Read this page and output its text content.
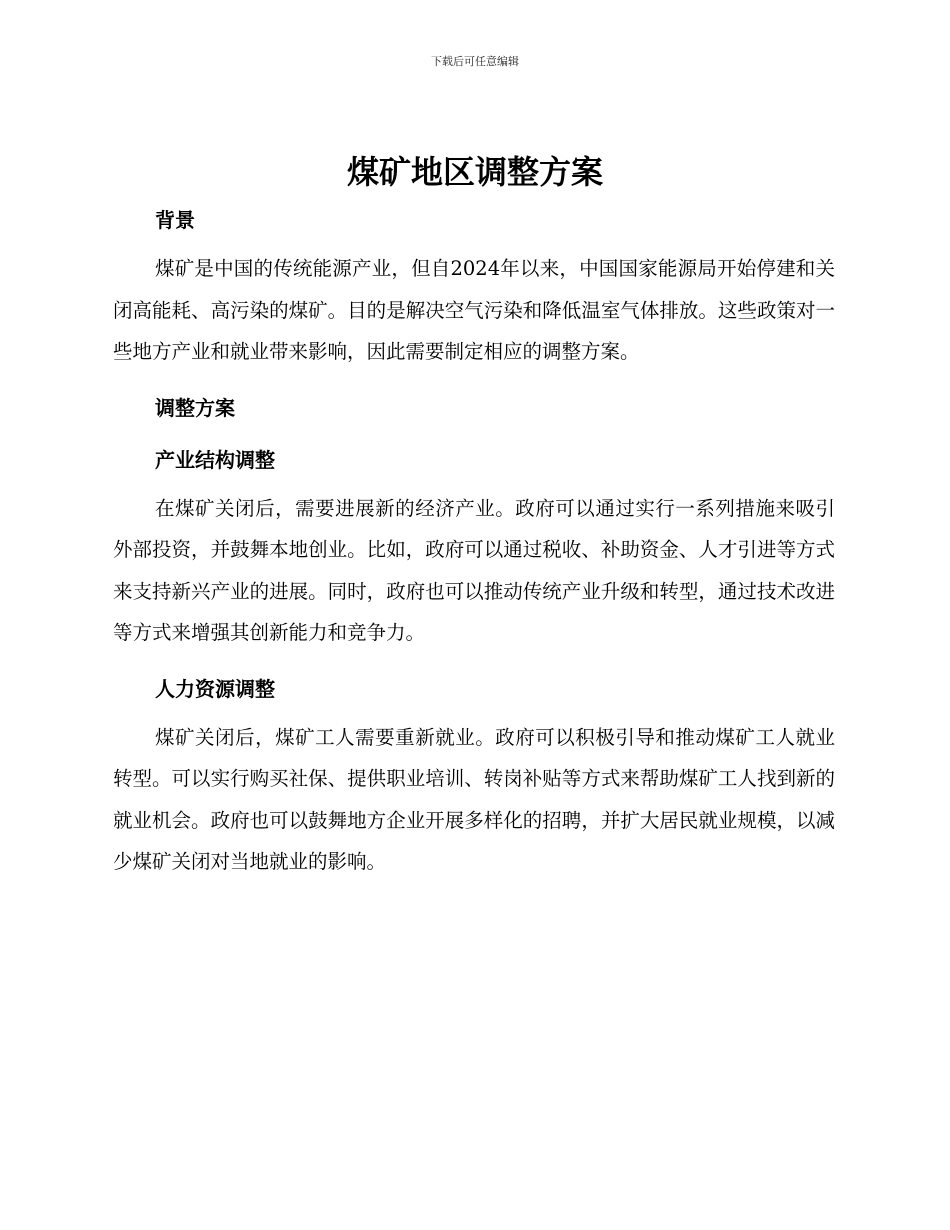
下载后可任意编辑
煤矿地区调整方案
背景

煤矿是中国的传统能源产业，但自2024年以来，中国国家能源局开始停建和关闭高能耗、高污染的煤矿。目的是解决空气污染和降低温室气体排放。这些政策对一些地方产业和就业带来影响，因此需要制定相应的调整方案。

调整方案
产业结构调整

在煤矿关闭后，需要进展新的经济产业。政府可以通过实行一系列措施来吸引外部投资，并鼓舞本地创业。比如，政府可以通过税收、补助资金、人才引进等方式来支持新兴产业的进展。同时，政府也可以推动传统产业升级和转型，通过技术改进等方式来增强其创新能力和竞争力。

人力资源调整

煤矿关闭后，煤矿工人需要重新就业。政府可以积极引导和推动煤矿工人就业转型。可以实行购买社保、提供职业培训、转岗补贴等方式来帮助煤矿工人找到新的就业机会。政府也可以鼓舞地方企业开展多样化的招聘，并扩大居民就业规模，以减少煤矿关闭对当地就业的影响。
